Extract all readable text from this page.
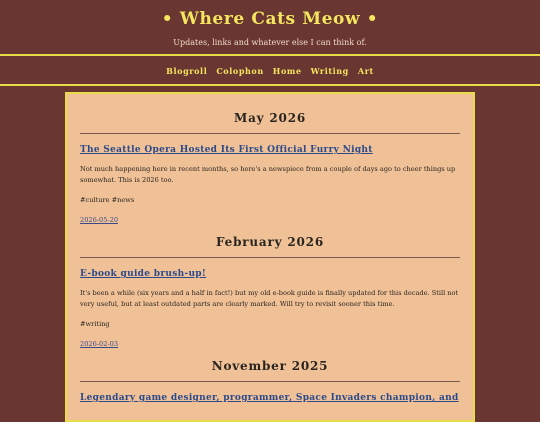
• Where Cats Meow •

Updates, links and whatever else I can think of.

Blogroll Colophon Home Writing Art
May 2026
The Seattle Opera Hosted Its First Official Furry Night

Not much happening here in recent months, so here's a newspiece from a couple of days ago to cheer things up somewhat. This is 2026 too.

#culture #news

2026-05-20
February 2026
E-book guide brush-up!

It's been a while (six years and a half in fact!) but my old e-book guide is finally updated for this decade. Still not very useful, but at least outdated parts are clearly marked. Will try to revisit sooner this time.

#writing

2026-02-03
November 2025
Legendary game designer, programmer, Space Invaders champion, and
